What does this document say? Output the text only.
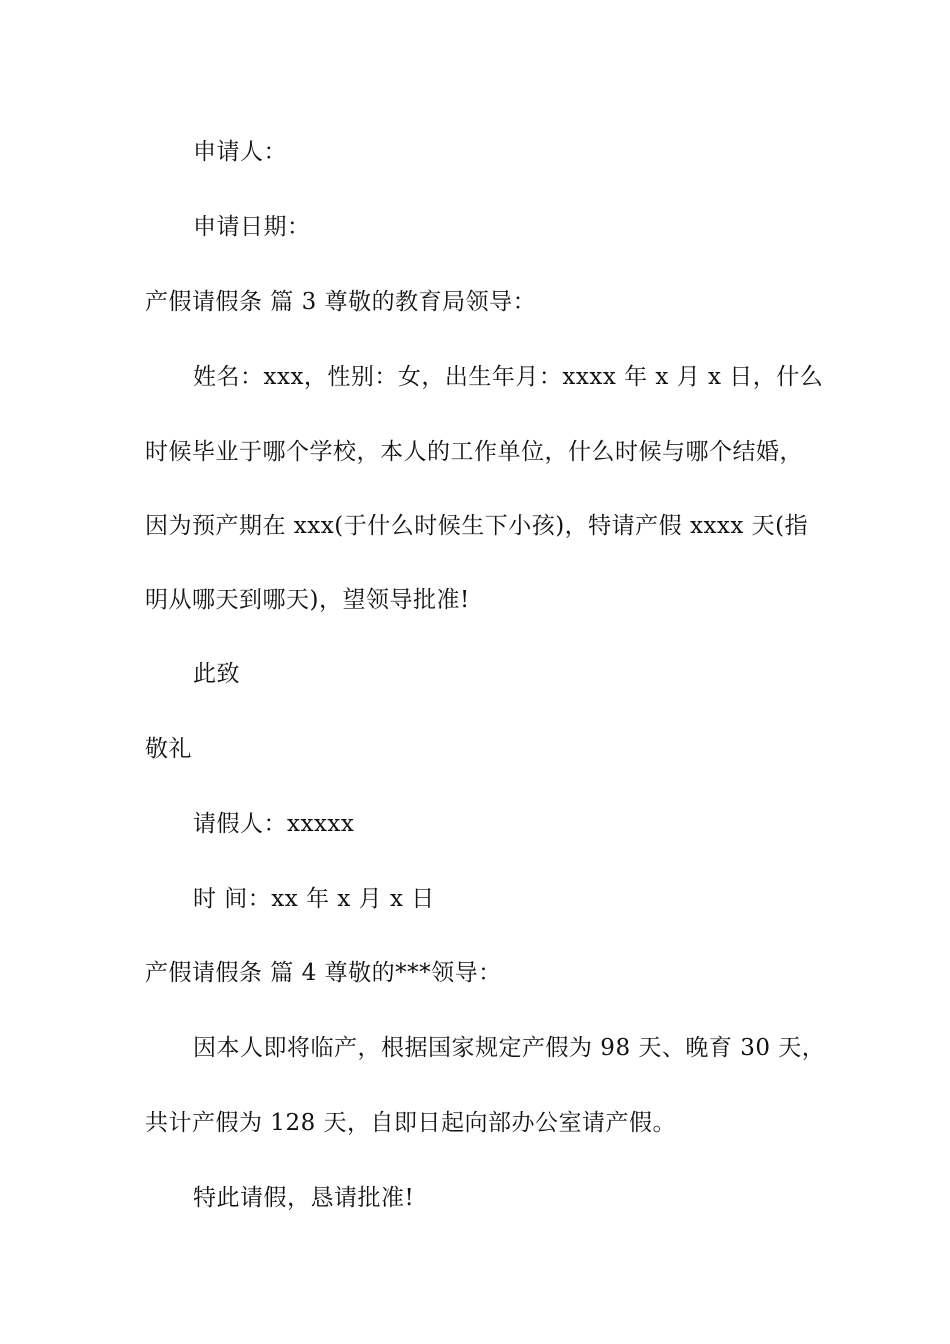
申请人：
申请日期：
产假请假条 篇 3 尊敬的教育局领导：
姓名：xxx，性别：女，出生年月：xxxx 年 x 月 x 日，什么
时候毕业于哪个学校，本人的工作单位，什么时候与哪个结婚，
因为预产期在 xxx(于什么时候生下小孩)，特请产假 xxxx 天(指
明从哪天到哪天)，望领导批准!
此致
敬礼
请假人：xxxxx
时 间：xx 年 x 月 x 日
产假请假条 篇 4 尊敬的***领导：
因本人即将临产，根据国家规定产假为 98 天、晚育 30 天，
共计产假为 128 天，自即日起向部办公室请产假。
特此请假，恳请批准!
